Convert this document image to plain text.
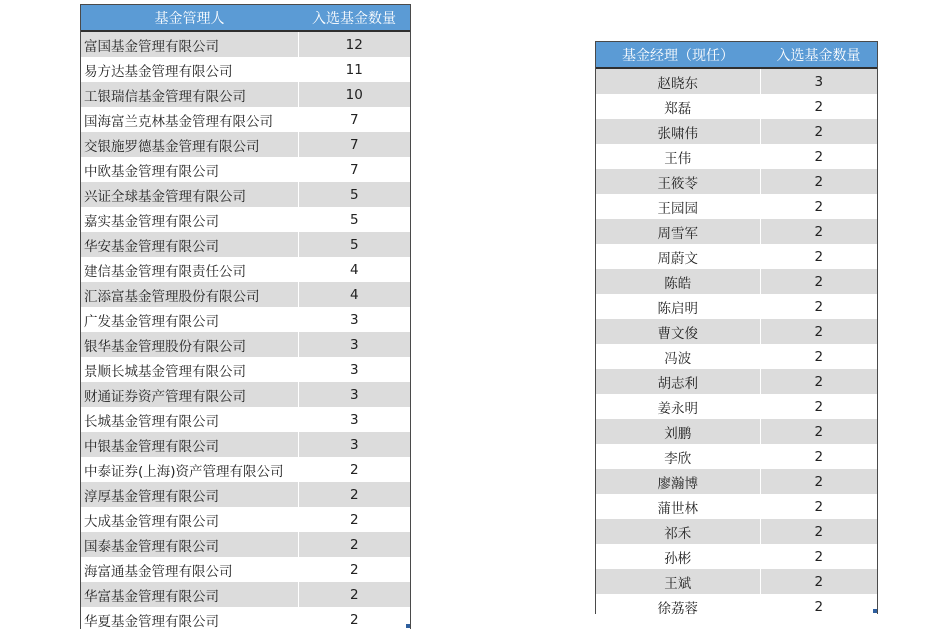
基金管理人	入选基金数量
富国基金管理有限公司	12
易方达基金管理有限公司	11
工银瑞信基金管理有限公司	10
国海富兰克林基金管理有限公司	7
交银施罗德基金管理有限公司	7
中欧基金管理有限公司	7
兴证全球基金管理有限公司	5
嘉实基金管理有限公司	5
华安基金管理有限公司	5
建信基金管理有限责任公司	4
汇添富基金管理股份有限公司	4
广发基金管理有限公司	3
银华基金管理股份有限公司	3
景顺长城基金管理有限公司	3
财通证券资产管理有限公司	3
长城基金管理有限公司	3
中银基金管理有限公司	3
中泰证券(上海)资产管理有限公司	2
淳厚基金管理有限公司	2
大成基金管理有限公司	2
国泰基金管理有限公司	2
海富通基金管理有限公司	2
华富基金管理有限公司	2
华夏基金管理有限公司	2
基金经理（现任）	入选基金数量
赵晓东	3
郑磊	2
张啸伟	2
王伟	2
王筱苓	2
王园园	2
周雪军	2
周蔚文	2
陈皓	2
陈启明	2
曹文俊	2
冯波	2
胡志利	2
姜永明	2
刘鹏	2
李欣	2
廖瀚博	2
蒲世林	2
祁禾	2
孙彬	2
王斌	2
徐荔蓉	2
